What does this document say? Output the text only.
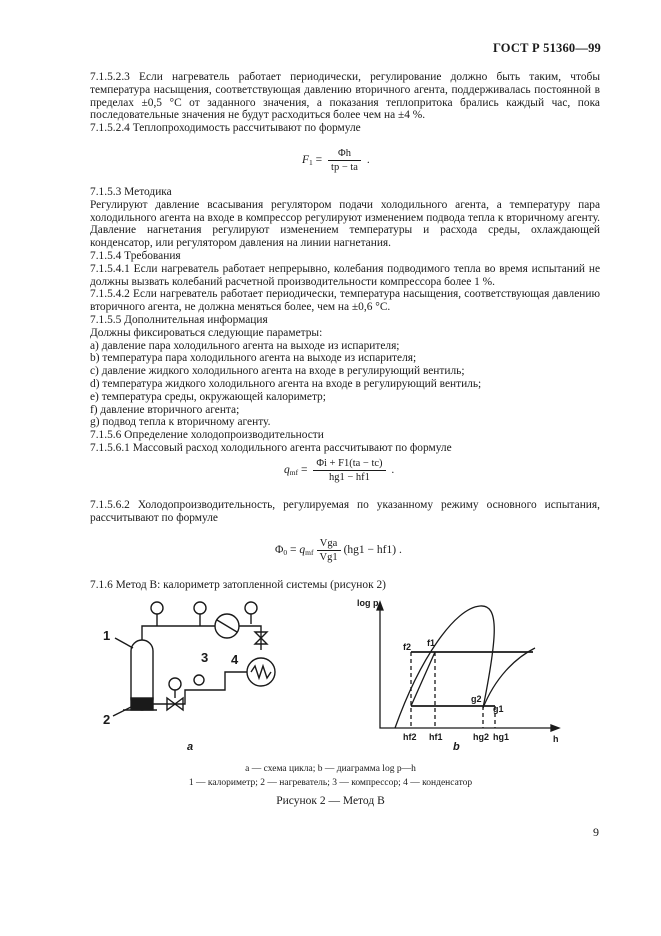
ГОСТ Р 51360—99

7.1.5.2.3 Если нагреватель работает периодически, регулирование должно быть таким, чтобы температура насыщения, соответствующая давлению вторичного агента, поддерживалась постоянной в пределах ±0,5 °С от заданного значения, а показания теплопритока брались каждый час, пока последовательные значения не будут расходиться более чем на ±4 %.

7.1.5.2.4 Теплопроходимость рассчитывают по формуле

$F_1 = \frac{\Phi h}{tp - ta}$ .
7.1.5.3 Методика

Регулируют давление всасывания регулятором подачи холодильного агента, а температуру пара холодильного агента на входе в компрессор регулируют изменением подвода тепла к вторичному агенту. Давление нагнетания регулируют изменением температуры и расхода среды, охлаждающей конденсатор, или регулятором давления на линии нагнетания.

7.1.5.4 Требования

7.1.5.4.1 Если нагреватель работает непрерывно, колебания подводимого тепла во время испытаний не должны вызвать колебаний расчетной производительности компрессора более 1 %.

7.1.5.4.2 Если нагреватель работает периодически, температура насыщения, соответствующая давлению вторичного агента, не должна меняться более, чем на ±0,6 °С.

7.1.5.5 Дополнительная информация
Должны фиксироваться следующие параметры:
a) давление пара холодильного агента на выходе из испарителя;
b) температура пара холодильного агента на выходе из испарителя;
c) давление жидкого холодильного агента на входе в регулирующий вентиль;
d) температура жидкого холодильного агента на входе в регулирующий вентиль;
e) температура среды, окружающей калориметр;
f) давление вторичного агента;
g) подвод тепла к вторичному агенту.
7.1.5.6 Определение холодопроизводительности
7.1.5.6.1 Массовый расход холодильного агента рассчитывают по формуле
$q_{mf} = \frac{\Phi i + F1(ta - tc)}{hg1 - hf1}$ .

7.1.5.6.2 Холодопроизводительность, регулируемая по указанному режиму основного испытания, рассчитывают по формуле

$\Phi_0 = q_{mf} \frac{\text{Vga}}{Vg1} (hg1 - hf1)$ .
7.1.6 Метод В: калориметр затопленной системы (рисунок 2)
1
2
3 4
а
log p
h
f1
f2
g2
g1
hf2 hf1	hg2 hg1
b
а — схема цикла; b — диаграмма log p—h
1 — калориметр; 2 — нагреватель; 3 — компрессор; 4 — конденсатор
Рисунок 2 — Метод В
9
